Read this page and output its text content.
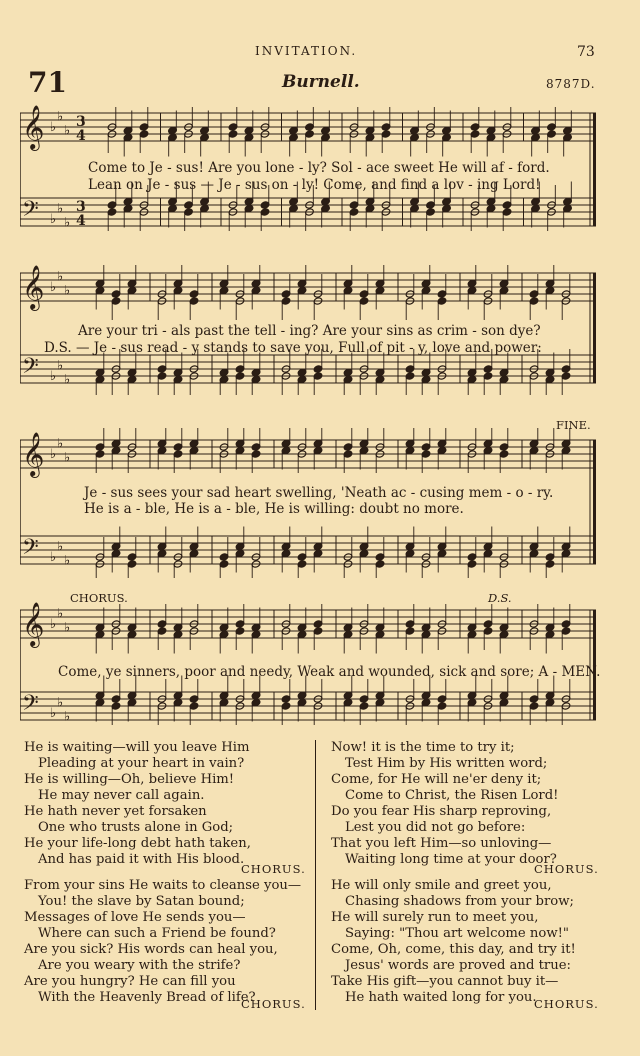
INVITATION.	73
71	Burnell.	8787D.
𝄞
𝄢
♭
♭
♭
♭
♭
♭
3
4
3
4
Come to Je - sus! Are you lone - ly? Sol - ace sweet He will af - ford.
Lean on Je - sus — Je - sus on - ly! Come, and find a lov - ing Lord!
𝄞
𝄢
♭
♭
♭
♭
♭
♭
Are your tri - als past the tell - ing? Are your sins as crim - son dye?
D.S. — Je - sus read - y stands to save you, Full of pit - y, love and power:
FINE.
𝄞
𝄢
♭
♭
♭
♭
♭
♭
Je - sus sees your sad heart swelling, 'Neath ac - cusing mem - o - ry.
He is a - ble, He is a - ble, He is willing: doubt no more.
CHORUS.	D.S.
𝄞
𝄢
♭
♭
♭
♭
♭
♭
Come, ye sinners, poor and needy, Weak and wounded, sick and sore; A - MEN.
He is waiting—will you leave Him
Pleading at your heart in vain?
He is willing—Oh, believe Him!
He may never call again.
He hath never yet forsaken
One who trusts alone in God;
He your life-long debt hath taken,
And has paid it with His blood.
CHORUS.
From your sins He waits to cleanse you—
You! the slave by Satan bound;
Messages of love He sends you—
Where can such a Friend be found?
Are you sick? His words can heal you,
Are you weary with the strife?
Are you hungry? He can fill you
With the Heavenly Bread of life?
CHORUS.
Now! it is the time to try it;
Test Him by His written word;
Come, for He will ne'er deny it;
Come to Christ, the Risen Lord!
Do you fear His sharp reproving,
Lest you did not go before:
That you left Him—so unloving—
Waiting long time at your door?
CHORUS.
He will only smile and greet you,
Chasing shadows from your brow;
He will surely run to meet you,
Saying: "Thou art welcome now!"
Come, Oh, come, this day, and try it!
Jesus' words are proved and true:
Take His gift—you cannot buy it—
He hath waited long for you.
CHORUS.
